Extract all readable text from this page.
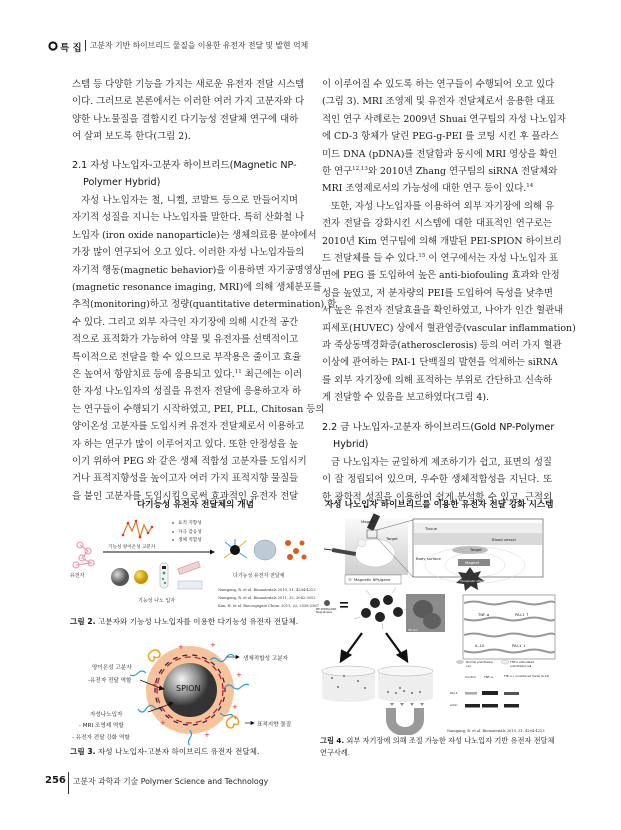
특 집 고분자 기반 하이브리드 물질을 이용한 유전자 전달 및 발현 억제
스템 등 다양한 기능을 가지는 새로운 유전자 전달 시스템
이다. 그러므로 본론에서는 이러한 여러 가지 고분자와 다
양한 나노물질을 결합시킨 다기능성 전달체 연구에 대하
여 살펴 보도록 한다(그림 2).
2.1 자성 나노입자-고분자 하이브리드(Magnetic NP-
Polymer Hybrid)
자성 나노입자는 철, 니켈, 코발트 등으로 만들어지며
자기적 성질을 지니는 나노입자를 말한다. 특히 산화철 나
노입자 (iron oxide nanoparticle)는 생체의료용 분야에서
가장 많이 연구되어 오고 있다. 이러한 자성 나노입자들의
자기적 행동(magnetic behavior)을 이용하면 자기공명영상
(magnetic resonance imaging, MRI)에 의해 생체분포를
추적(monitoring)하고 정량(quantitative determination) 할
수 있다. 그리고 외부 자극인 자기장에 의해 시간적 공간
적으로 표적화가 가능하여 약물 및 유전자를 선택적이고
특이적으로 전달을 할 수 있으므로 부작용은 줄이고 효율
은 높여서 항암치료 등에 응용되고 있다.$^{11}$ 최근에는 이러
한 자성 나노입자의 성질을 유전자 전달에 응용하고자 하
는 연구들이 수행되기 시작하였고, PEI, PLL, Chitosan 등의
양이온성 고분자를 도입시켜 유전자 전달체로서 이용하고
자 하는 연구가 많이 이루어지고 있다. 또한 안정성을 높
이기 위하여 PEG 와 같은 생체 적합성 고분자를 도입시키
거나 표적지향성을 높이고자 여러 가지 표적지향 물질들
을 붙인 고분자를 도입시킴으로써 효과적인 유전자 전달
이 이루어질 수 있도록 하는 연구들이 수행되어 오고 있다
(그림 3). MRI 조영제 및 유전자 전달체로서 응용한 대표
적인 연구 사례로는 2009년 Shuai 연구팀의 자성 나노입자
에 CD-3 항체가 달린 PEG-g-PEI 를 코팅 시킨 후 플라스
미드 DNA (pDNA)를 전달함과 동시에 MRI 영상을 확인
한 연구$^{12,13}$와 2010년 Zhang 연구팀의 siRNA 전달체와
MRI 조영제로서의 가능성에 대한 연구 등이 있다.$^{14}$
또한, 자성 나노입자를 이용하여 외부 자기장에 의해 유
전자 전달을 강화시킨 시스템에 대한 대표적인 연구로는
2010년 Kim 연구팀에 의해 개발된 PEI-SPION 하이브리
드 전달체를 들 수 있다.$^{15}$ 이 연구에서는 자성 나노입자 표
면에 PEG 를 도입하여 높은 anti-biofouling 효과와 안정
성을 높였고, 저 분자량의 PEI를 도입하여 독성을 낮추면
서 높은 유전자 전달효율을 확인하였고, 나아가 인간 혈관내
피세포(HUVEC) 상에서 혈관염증(vascular inflammation)
과 죽상동맥경화증(atherosclerosis) 등의 여러 가지 혈관
이상에 관여하는 PAI-1 단백질의 발현을 억제하는 siRNA
를 외부 자기장에 의해 표적하는 부위로 간단하고 신속하
게 전달할 수 있음을 보고하였다(그림 4).
2.2 금 나노입자-고분자 하이브리드(Gold NP-Polymer
Hybrid)
금 나노입자는 균일하게 제조하기가 쉽고, 표면의 성질
이 잘 정립되어 있으며, 우수한 생체적합성을 지닌다. 또
한 광학적 성질을 이용하여 쉽게 분석할 수 있고, 근적외
다기능성 유전자 전달체의 개념
표적 지향성
자극 감응성
생체 적합성
기능성 양이온성 고분자
유전자
기능성 나노 입자
다기능성 유전자 전달체
Namgung, R. et al. Biomaterials 2010, 31, 4204-4213
Namgung, R. et al. Biomaterials 2011, 32, 3042-3052
Kim, H. et al. Bioconjugate Chem. 2011, 22, 2558-2567
그림 2. 고분자와 기능성 나노입자를 이용한 다기능성 유전자 전달체.
+	+
+
+
+
+
+
SPION
양이온성 고분자
-유전자 전달 역할
자성나노입자
- MRI 조영제 역할
- 유전자 전달 강화 역할
생체적합성 고분자
표적지향 물질
그림 3. 자성 나노입자-고분자 하이브리드 유전자 전달체.
자성 나노입자 하이브리드를 이용한 유전자 전달 강화 시스템
Magnet
Target
Tissue
Blood vessel
Target
Body surface
Magnet
Therapeutic effect
Magnetic NPs/gene
PEI-SPION/pDNA Magnetoplex
50 nm
TNF-α	PAI-1 ↑
IL-10	PAI-1 ↓
Normal endothelial cell
TNF-α stimulated endothelial cell
Control	TNF-α	TNF-α + Conditioned media (IL-10)
PAI-1
actin
Namgung, R. et al. Biomaterials 2010, 31, 4204-4213
그림 4. 외부 자기장에 의해 조절 가능한 자성 나노입자 기반 유전자 전달체
연구사례.
256 고분자 과학과 기술 Polymer Science and Technology
